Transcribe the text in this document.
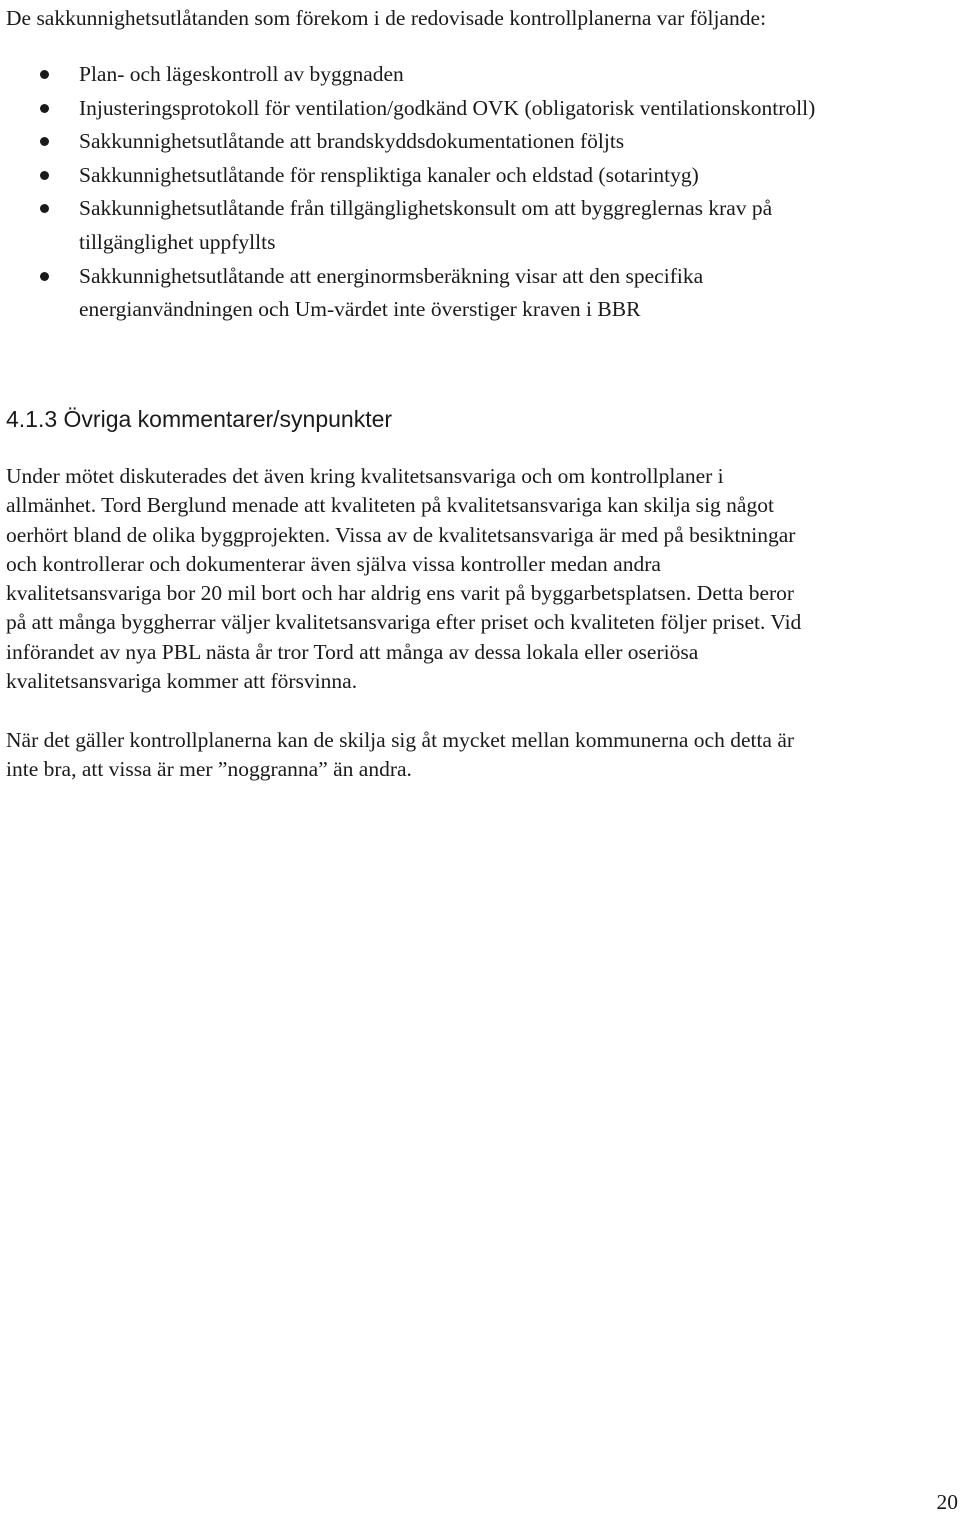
De sakkunnighetsutlåtanden som förekom i de redovisade kontrollplanerna var följande:

Plan- och lägeskontroll av byggnaden
Injusteringsprotokoll för ventilation/godkänd OVK (obligatorisk ventilationskontroll)
Sakkunnighetsutlåtande att brandskyddsdokumentationen följts
Sakkunnighetsutlåtande för renspliktiga kanaler och eldstad (sotarintyg)
Sakkunnighetsutlåtande från tillgänglighetskonsult om att byggreglernas krav på
tillgänglighet uppfyllts
Sakkunnighetsutlåtande att energinormsberäkning visar att den specifika
energianvändningen och Um-värdet inte överstiger kraven i BBR
4.1.3 Övriga kommentarer/synpunkter

Under mötet diskuterades det även kring kvalitetsansvariga och om kontrollplaner i
allmänhet. Tord Berglund menade att kvaliteten på kvalitetsansvariga kan skilja sig något
oerhört bland de olika byggprojekten. Vissa av de kvalitetsansvariga är med på besiktningar
och kontrollerar och dokumenterar även själva vissa kontroller medan andra
kvalitetsansvariga bor 20 mil bort och har aldrig ens varit på byggarbetsplatsen. Detta beror
på att många byggherrar väljer kvalitetsansvariga efter priset och kvaliteten följer priset. Vid
införandet av nya PBL nästa år tror Tord att många av dessa lokala eller oseriösa
kvalitetsansvariga kommer att försvinna.

När det gäller kontrollplanerna kan de skilja sig åt mycket mellan kommunerna och detta är
inte bra, att vissa är mer ”noggranna” än andra.

20
